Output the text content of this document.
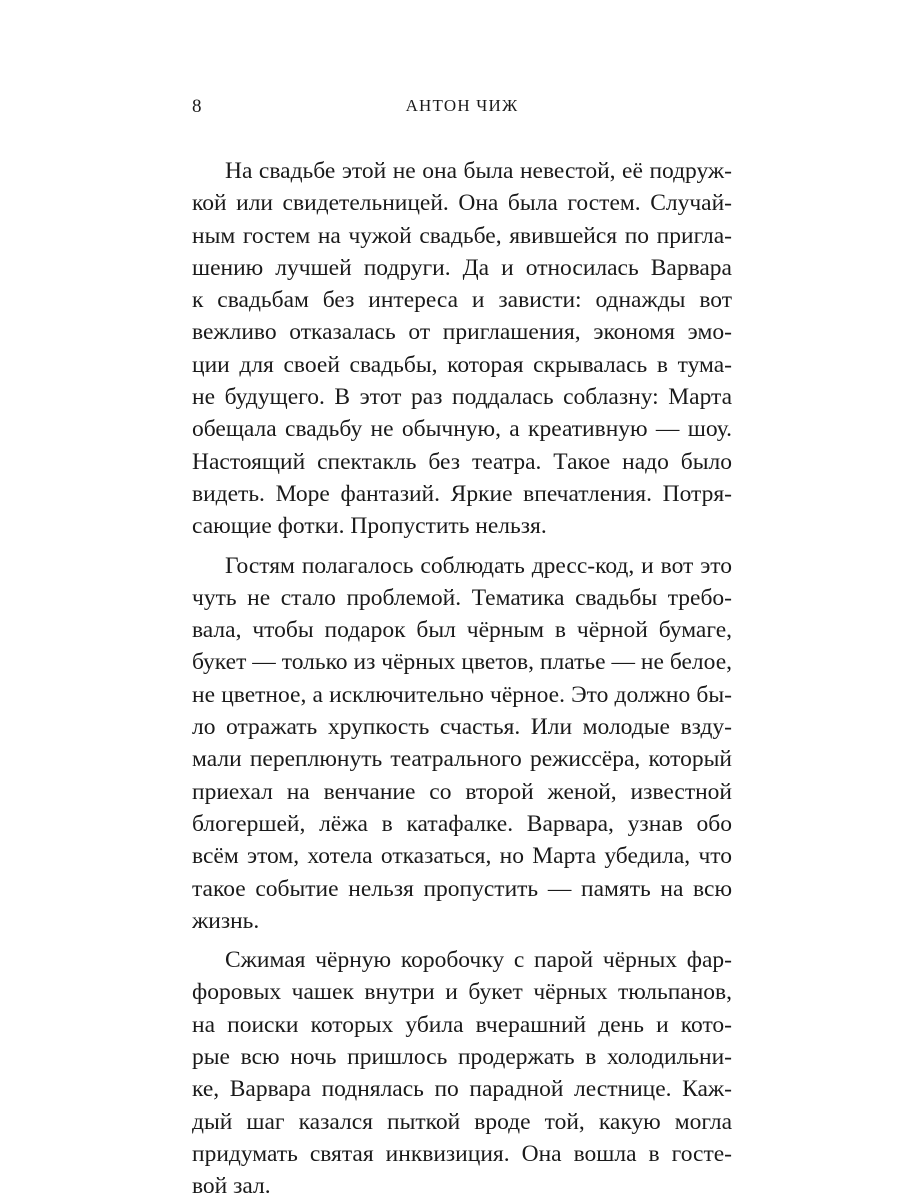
8	АНТОН ЧИЖ
На свадьбе этой не она была невестой, её подруж-
кой или свидетельницей. Она была гостем. Случай-
ным гостем на чужой свадьбе, явившейся по пригла-
шению лучшей подруги. Да и относилась Варвара
к свадьбам без интереса и зависти: однажды вот
вежливо отказалась от приглашения, экономя эмо-
ции для своей свадьбы, которая скрывалась в тума-
не будущего. В этот раз поддалась соблазну: Марта
обещала свадьбу не обычную, а креативную — шоу.
Настоящий спектакль без театра. Такое надо было
видеть. Море фантазий. Яркие впечатления. Потря-
сающие фотки. Пропустить нельзя.
Гостям полагалось соблюдать дресс-код, и вот это
чуть не стало проблемой. Тематика свадьбы требо-
вала, чтобы подарок был чёрным в чёрной бумаге,
букет — только из чёрных цветов, платье — не белое,
не цветное, а исключительно чёрное. Это должно бы-
ло отражать хрупкость счастья. Или молодые взду-
мали переплюнуть театрального режиссёра, который
приехал на венчание со второй женой, известной
блогершей, лёжа в катафалке. Варвара, узнав обо
всём этом, хотела отказаться, но Марта убедила, что
такое событие нельзя пропустить — память на всю
жизнь.
Сжимая чёрную коробочку с парой чёрных фар-
форовых чашек внутри и букет чёрных тюльпанов,
на поиски которых убила вчерашний день и кото-
рые всю ночь пришлось продержать в холодильни-
ке, Варвара поднялась по парадной лестнице. Каж-
дый шаг казался пыткой вроде той, какую могла
придумать святая инквизиция. Она вошла в госте-
вой зал.
